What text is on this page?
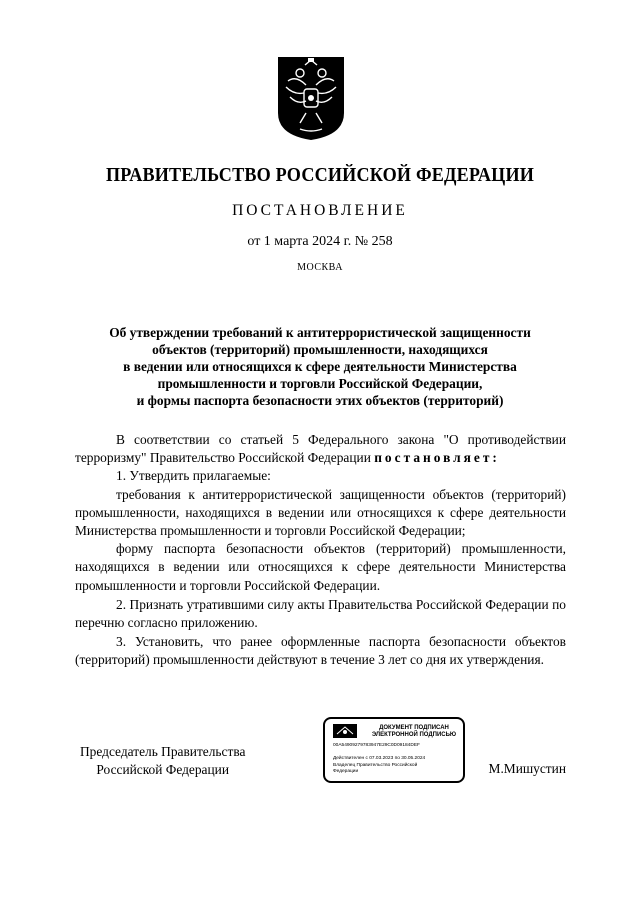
ПРАВИТЕЛЬСТВО РОССИЙСКОЙ ФЕДЕРАЦИИ
ПОСТАНОВЛЕНИЕ
от 1 марта 2024 г. № 258
МОСКВА
Об утверждении требований к антитеррористической защищенности
объектов (территорий) промышленности, находящихся
в ведении или относящихся к сфере деятельности Министерства
промышленности и торговли Российской Федерации,
и формы паспорта безопасности этих объектов (территорий)

В соответствии со статьей 5 Федерального закона "О противодействии терроризму" Правительство Российской Федерации постановляет:

1. Утвердить прилагаемые:

требования к антитеррористической защищенности объектов (территорий) промышленности, находящихся в ведении или относящихся к сфере деятельности Министерства промышленности и торговли Российской Федерации;

форму паспорта безопасности объектов (территорий) промышленности, находящихся в ведении или относящихся к сфере деятельности Министерства промышленности и торговли Российской Федерации.

2. Признать утратившими силу акты Правительства Российской Федерации по перечню согласно приложению.

3. Установить, что ранее оформленные паспорта безопасности объектов (территорий) промышленности действуют в течение 3 лет со дня их утверждения.

Председатель Правительства
Российской Федерации
ДОКУМЕНТ ПОДПИСАН
ЭЛЕКТРОННОЙ ПОДПИСЬЮ
00A54909279783947E29C0D09184DEF
Действителен с 07.03.2023 по 30.05.2024
Владелец Правительство Российской
Федерации	М.Мишустин
